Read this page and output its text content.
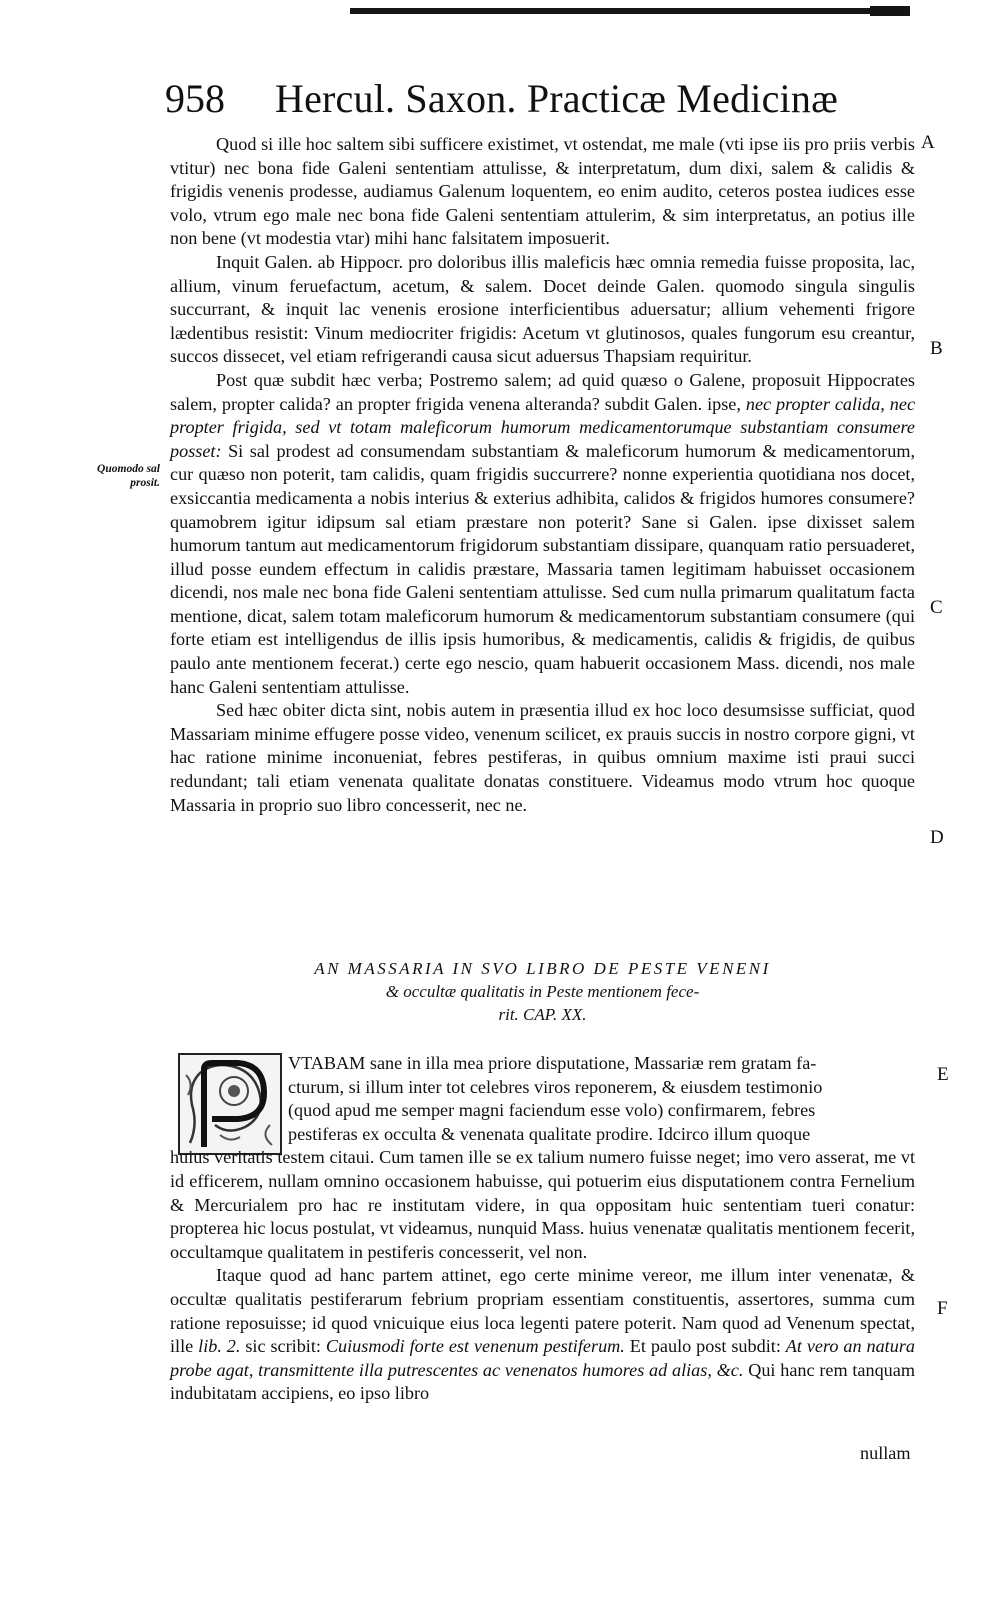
958 Hercul. Saxon. Practicæ Medicinæ
A
B
C
D
E
F
Quomodo sal prosit.

Quod si ille hoc saltem sibi sufficere existimet, vt ostendat, me male (vti ipse iis pro priis verbis vtitur) nec bona fide Galeni sententiam attulisse, & interpretatum, dum dixi, salem & calidis & frigidis venenis prodesse, audiamus Galenum loquentem, eo enim audito, ceteros postea iudices esse volo, vtrum ego male nec bona fide Galeni sententiam attulerim, & sim interpretatus, an potius ille non bene (vt modestia vtar) mihi hanc falsitatem imposuerit.

Inquit Galen. ab Hippocr. pro doloribus illis maleficis hæc omnia remedia fuisse proposita, lac, allium, vinum feruefactum, acetum, & salem. Docet deinde Galen. quomodo singula singulis succurrant, & inquit lac venenis erosione interficientibus aduersatur; allium vehementi frigore lædentibus resistit: Vinum mediocriter frigidis: Acetum vt glutinosos, quales fungorum esu creantur, succos dissecet, vel etiam refrigerandi causa sicut aduersus Thapsiam requiritur.

Post quæ subdit hæc verba; Postremo salem; ad quid quæso o Galene, proposuit Hippocrates salem, propter calida? an propter frigida venena alteranda? subdit Galen. ipse, nec propter calida, nec propter frigida, sed vt totam maleficorum humorum medicamentorumque substantiam consumere posset: Si sal prodest ad consumendam substantiam & maleficorum humorum & medicamentorum, cur quæso non poterit, tam calidis, quam frigidis succurrere? nonne experientia quotidiana nos docet, exsiccantia medicamenta a nobis interius & exterius adhibita, calidos & frigidos humores consumere? quamobrem igitur idipsum sal etiam præstare non poterit? Sane si Galen. ipse dixisset salem humorum tantum aut medicamentorum frigidorum substantiam dissipare, quanquam ratio persuaderet, illud posse eundem effectum in calidis præstare, Massaria tamen legitimam habuisset occasionem dicendi, nos male nec bona fide Galeni sententiam attulisse. Sed cum nulla primarum qualitatum facta mentione, dicat, salem totam maleficorum humorum & medicamentorum substantiam consumere (qui forte etiam est intelligendus de illis ipsis humoribus, & medicamentis, calidis & frigidis, de quibus paulo ante mentionem fecerat.) certe ego nescio, quam habuerit occasionem Mass. dicendi, nos male hanc Galeni sententiam attulisse.

Sed hæc obiter dicta sint, nobis autem in præsentia illud ex hoc loco desumsisse sufficiat, quod Massariam minime effugere posse video, venenum scilicet, ex prauis succis in nostro corpore gigni, vt hac ratione minime inconueniat, febres pestiferas, in quibus omnium maxime isti praui succi redundant; tali etiam venenata qualitate donatas constituere. Videamus modo vtrum hoc quoque Massaria in proprio suo libro concesserit, nec ne.

AN MASSARIA IN SVO LIBRO DE PESTE VENENI
& occultæ qualitatis in Peste mentionem fece-
rit. CAP. XX.
VTABAM sane in illa mea priore disputatione, Massariæ rem gratam fa-
cturum, si illum inter tot celebres viros reponerem, & eiusdem testimonio
(quod apud me semper magni faciendum esse volo) confirmarem, febres
pestiferas ex occulta & venenata qualitate prodire. Idcirco illum quoque

huius veritatis testem citaui. Cum tamen ille se ex talium numero fuisse neget; imo vero asserat, me vt id efficerem, nullam omnino occasionem habuisse, qui potuerim eius disputationem contra Fernelium & Mercurialem pro hac re institutam videre, in qua oppositam huic sententiam tueri conatur: propterea hic locus postulat, vt videamus, nunquid Mass. huius venenatæ qualitatis mentionem fecerit, occultamque qualitatem in pestiferis concesserit, vel non.

Itaque quod ad hanc partem attinet, ego certe minime vereor, me illum inter venenatæ, & occultæ qualitatis pestiferarum febrium propriam essentiam constituentis, assertores, summa cum ratione reposuisse; id quod vnicuique eius loca legenti patere poterit. Nam quod ad Venenum spectat, ille lib. 2. sic scribit: Cuiusmodi forte est venenum pestiferum. Et paulo post subdit: At vero an natura probe agat, transmittente illa putrescentes ac venenatos humores ad alias, &c. Qui hanc rem tanquam indubitatam accipiens, eo ipso libro

nullam
